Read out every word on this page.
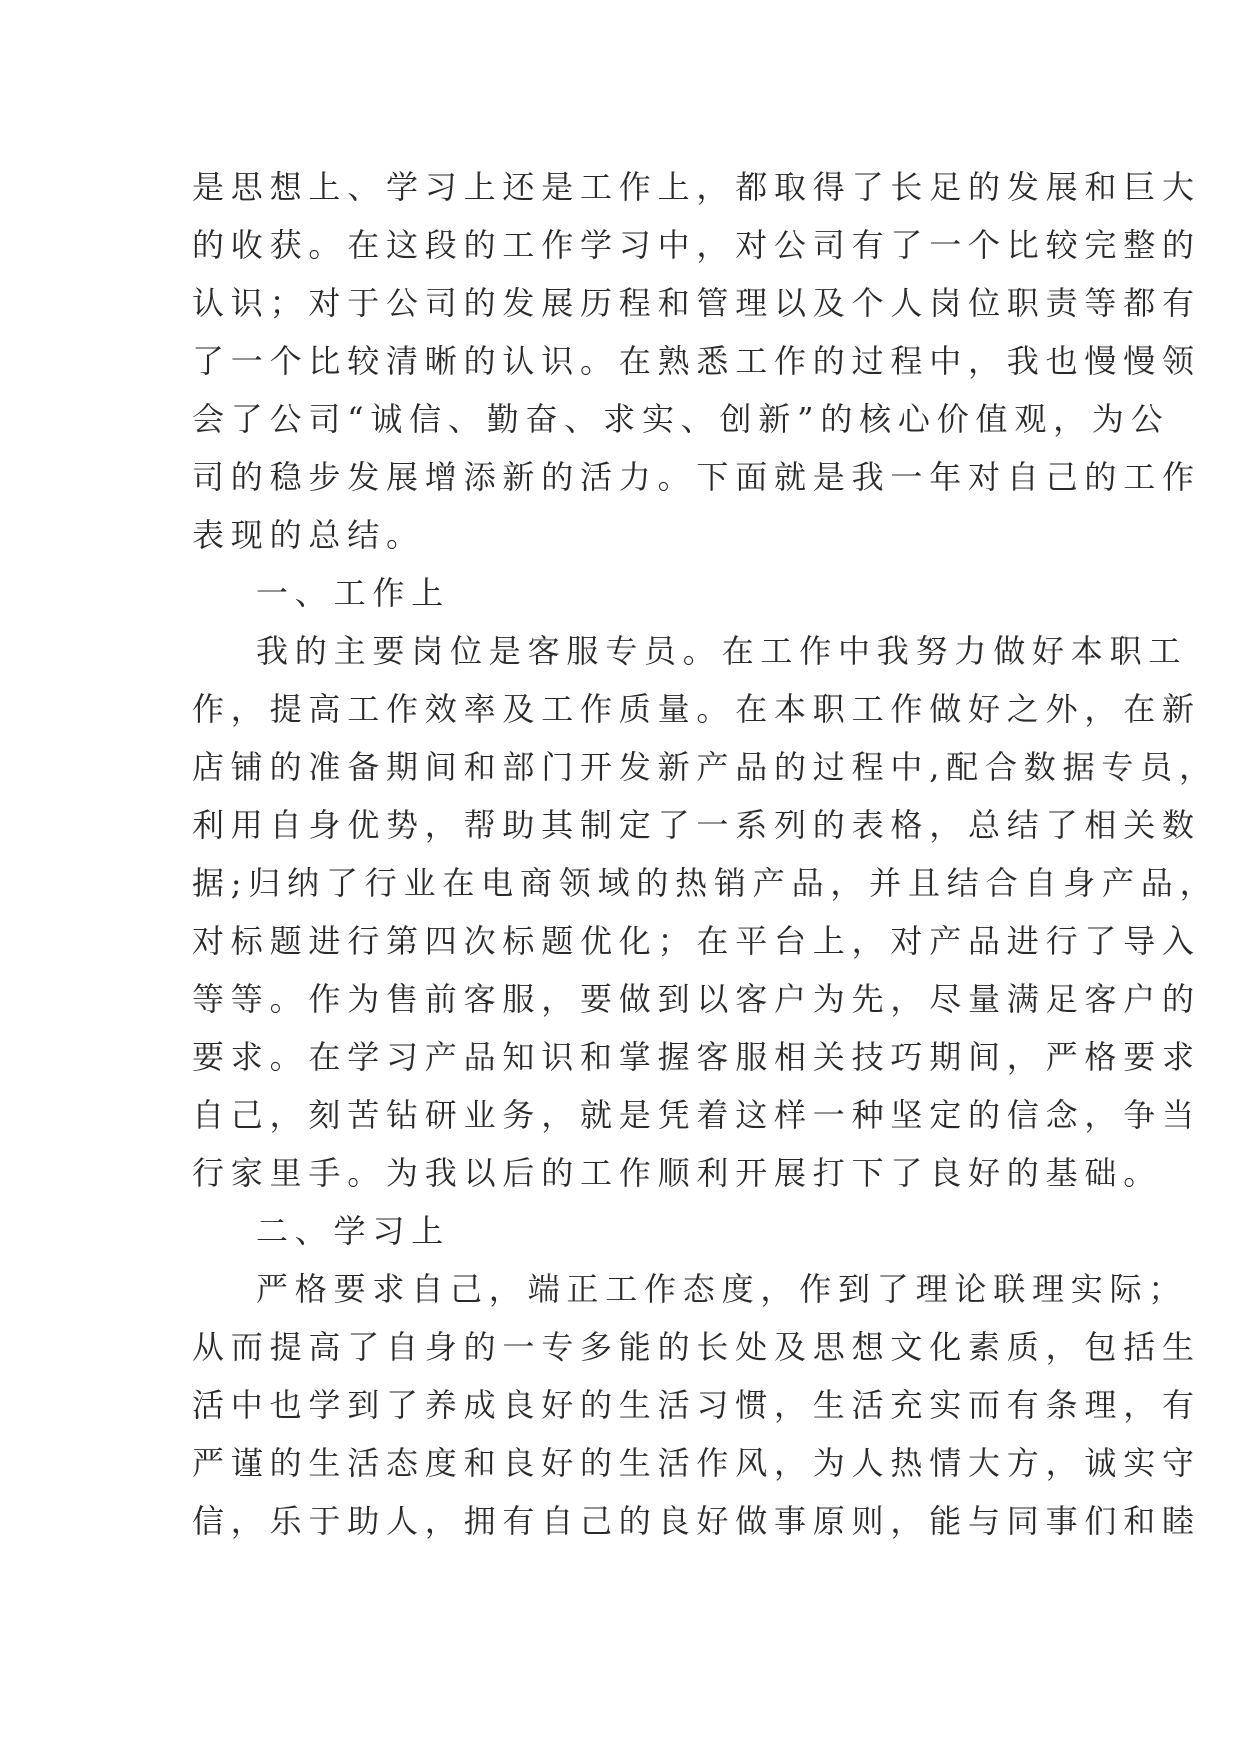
是思想上、学习上还是工作上，都取得了长足的发展和巨大
的收获。在这段的工作学习中，对公司有了一个比较完整的
认识；对于公司的发展历程和管理以及个人岗位职责等都有
了一个比较清晰的认识。在熟悉工作的过程中，我也慢慢领
会了公司“诚信、勤奋、求实、创新”的核心价值观，为公
司的稳步发展增添新的活力。下面就是我一年对自己的工作
表现的总结。
一、工作上
我的主要岗位是客服专员。在工作中我努力做好本职工
作，提高工作效率及工作质量。在本职工作做好之外，在新
店铺的准备期间和部门开发新产品的过程中,配合数据专员，
利用自身优势，帮助其制定了一系列的表格，总结了相关数
据;归纳了行业在电商领域的热销产品，并且结合自身产品，
对标题进行第四次标题优化；在平台上，对产品进行了导入
等等。作为售前客服，要做到以客户为先，尽量满足客户的
要求。在学习产品知识和掌握客服相关技巧期间，严格要求
自己，刻苦钻研业务，就是凭着这样一种坚定的信念，争当
行家里手。为我以后的工作顺利开展打下了良好的基础。
二、学习上
严格要求自己，端正工作态度，作到了理论联理实际；
从而提高了自身的一专多能的长处及思想文化素质，包括生
活中也学到了养成良好的生活习惯，生活充实而有条理，有
严谨的生活态度和良好的生活作风，为人热情大方，诚实守
信，乐于助人，拥有自己的良好做事原则，能与同事们和睦
